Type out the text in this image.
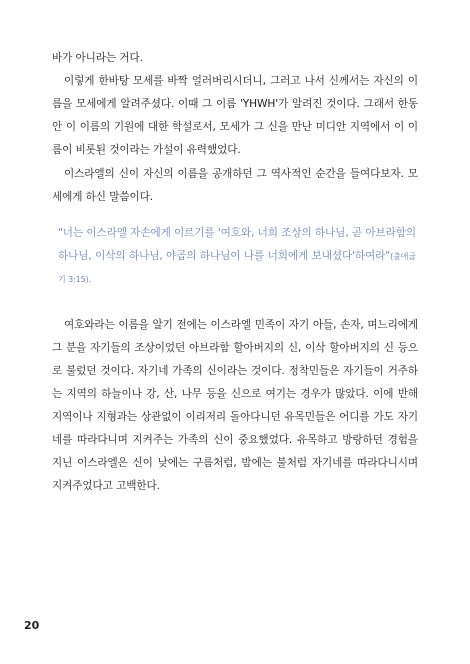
바가 아니라는 거다.

이렇게 한바탕 모세를 바짝 얼러버리시더니, 그러고 나서 신께서는 자신의 이름을 모세에게 알려주셨다. 이때 그 이름 'YHWH'가 알려진 것이다. 그래서 한동안 이 이름의 기원에 대한 학설로서, 모세가 그 신을 만난 미디안 지역에서 이 이름이 비롯된 것이라는 가설이 유력했었다.

이스라엘의 신이 자신의 이름을 공개하던 그 역사적인 순간을 들여다보자. 모세에게 하신 말씀이다.

"너는 이스라엘 자손에게 이르기를 '여호와, 너희 조상의 하나님, 곧 아브라함의 하나님, 이삭의 하나님, 야곱의 하나님이 나를 너희에게 보내셨다'하여라"(출애굽기 3:15).

여호와라는 이름을 알기 전에는 이스라엘 민족이 자기 아들, 손자, 며느리에게 그 분을 자기들의 조상이었던 아브라함 할아버지의 신, 이삭 할아버지의 신 등으로 불렀던 것이다. 자기네 가족의 신이라는 것이다. 정착민들은 자기들이 거주하는 지역의 하늘이나 강, 산, 나무 등을 신으로 여기는 경우가 많았다. 이에 반해 지역이나 지형과는 상관없이 이리저리 돌아다니던 유목민들은 어디를 가도 자기네를 따라다니며 지켜주는 가족의 신이 중요했었다. 유목하고 방랑하던 경험을 지닌 이스라엘은 신이 낮에는 구름처럼, 밤에는 불처럼 자기네를 따라다니시며 지켜주었다고 고백한다.

20
